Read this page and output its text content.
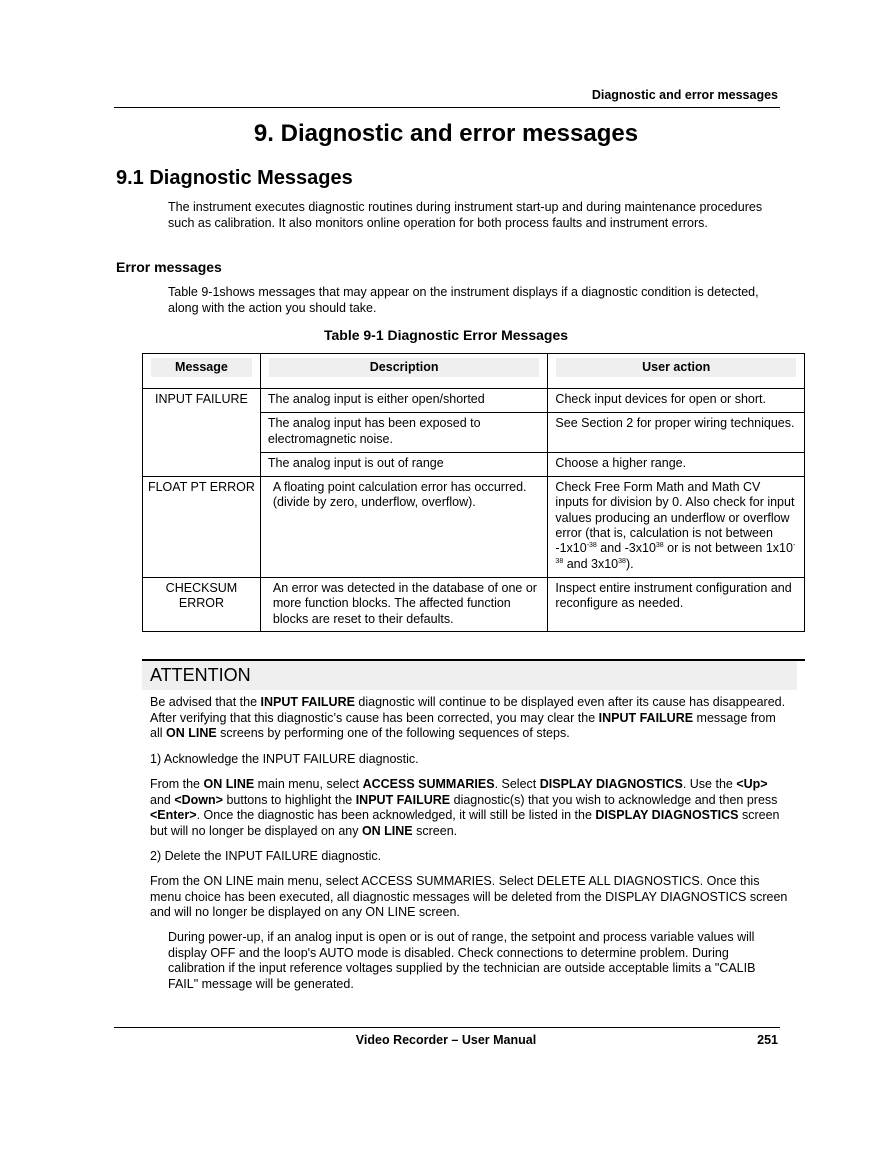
Diagnostic and error messages
9. Diagnostic and error messages
9.1 Diagnostic Messages
The instrument executes diagnostic routines during instrument start-up and during maintenance procedures such as calibration. It also monitors online operation for both process faults and instrument errors.
Error messages
Table 9-1shows messages that may appear on the instrument displays if a diagnostic condition is detected, along with the action you should take.
Table 9-1 Diagnostic Error Messages
Message	Description	User action

INPUT FAILURE	The analog input is either open/shorted	Check input devices for open or short.
	The analog input has been exposed to electromagnetic noise.	See Section 2 for proper wiring techniques.
	The analog input is out of range	Choose a higher range.
FLOAT PT ERROR	A floating point calculation error has occurred. (divide by zero, underflow, overflow).	Check Free Form Math and Math CV inputs for division by 0. Also check for input values producing an underflow or overflow error (that is, calculation is not between $-1x10^{-38}$ and $-3x10^{38}$ or is not between $1x10^{-38}$ and $3x10^{38}$).
CHECKSUM ERROR	An error was detected in the database of one or more function blocks. The affected function blocks are reset to their defaults.	Inspect entire instrument configuration and reconfigure as needed.
ATTENTION

Be advised that the INPUT FAILURE diagnostic will continue to be displayed even after its cause has disappeared. After verifying that this diagnostic’s cause has been corrected, you may clear the INPUT FAILURE message from all ON LINE screens by performing one of the following sequences of steps.

1) Acknowledge the INPUT FAILURE diagnostic.

From the ON LINE main menu, select ACCESS SUMMARIES. Select DISPLAY DIAGNOSTICS. Use the <Up> and <Down> buttons to highlight the INPUT FAILURE diagnostic(s) that you wish to acknowledge and then press <Enter>. Once the diagnostic has been acknowledged, it will still be listed in the DISPLAY DIAGNOSTICS screen but will no longer be displayed on any ON LINE screen.

2) Delete the INPUT FAILURE diagnostic.
From the ON LINE main menu, select ACCESS SUMMARIES. Select DELETE ALL DIAGNOSTICS. Once this menu choice has been executed, all diagnostic messages will be deleted from the DISPLAY DIAGNOSTICS screen and will no longer be displayed on any ON LINE screen.
During power-up, if an analog input is open or is out of range, the setpoint and process variable values will display OFF and the loop's AUTO mode is disabled. Check connections to determine problem. During calibration if the input reference voltages supplied by the technician are outside acceptable limits a "CALIB FAIL" message will be generated.
Video Recorder – User Manual	251
